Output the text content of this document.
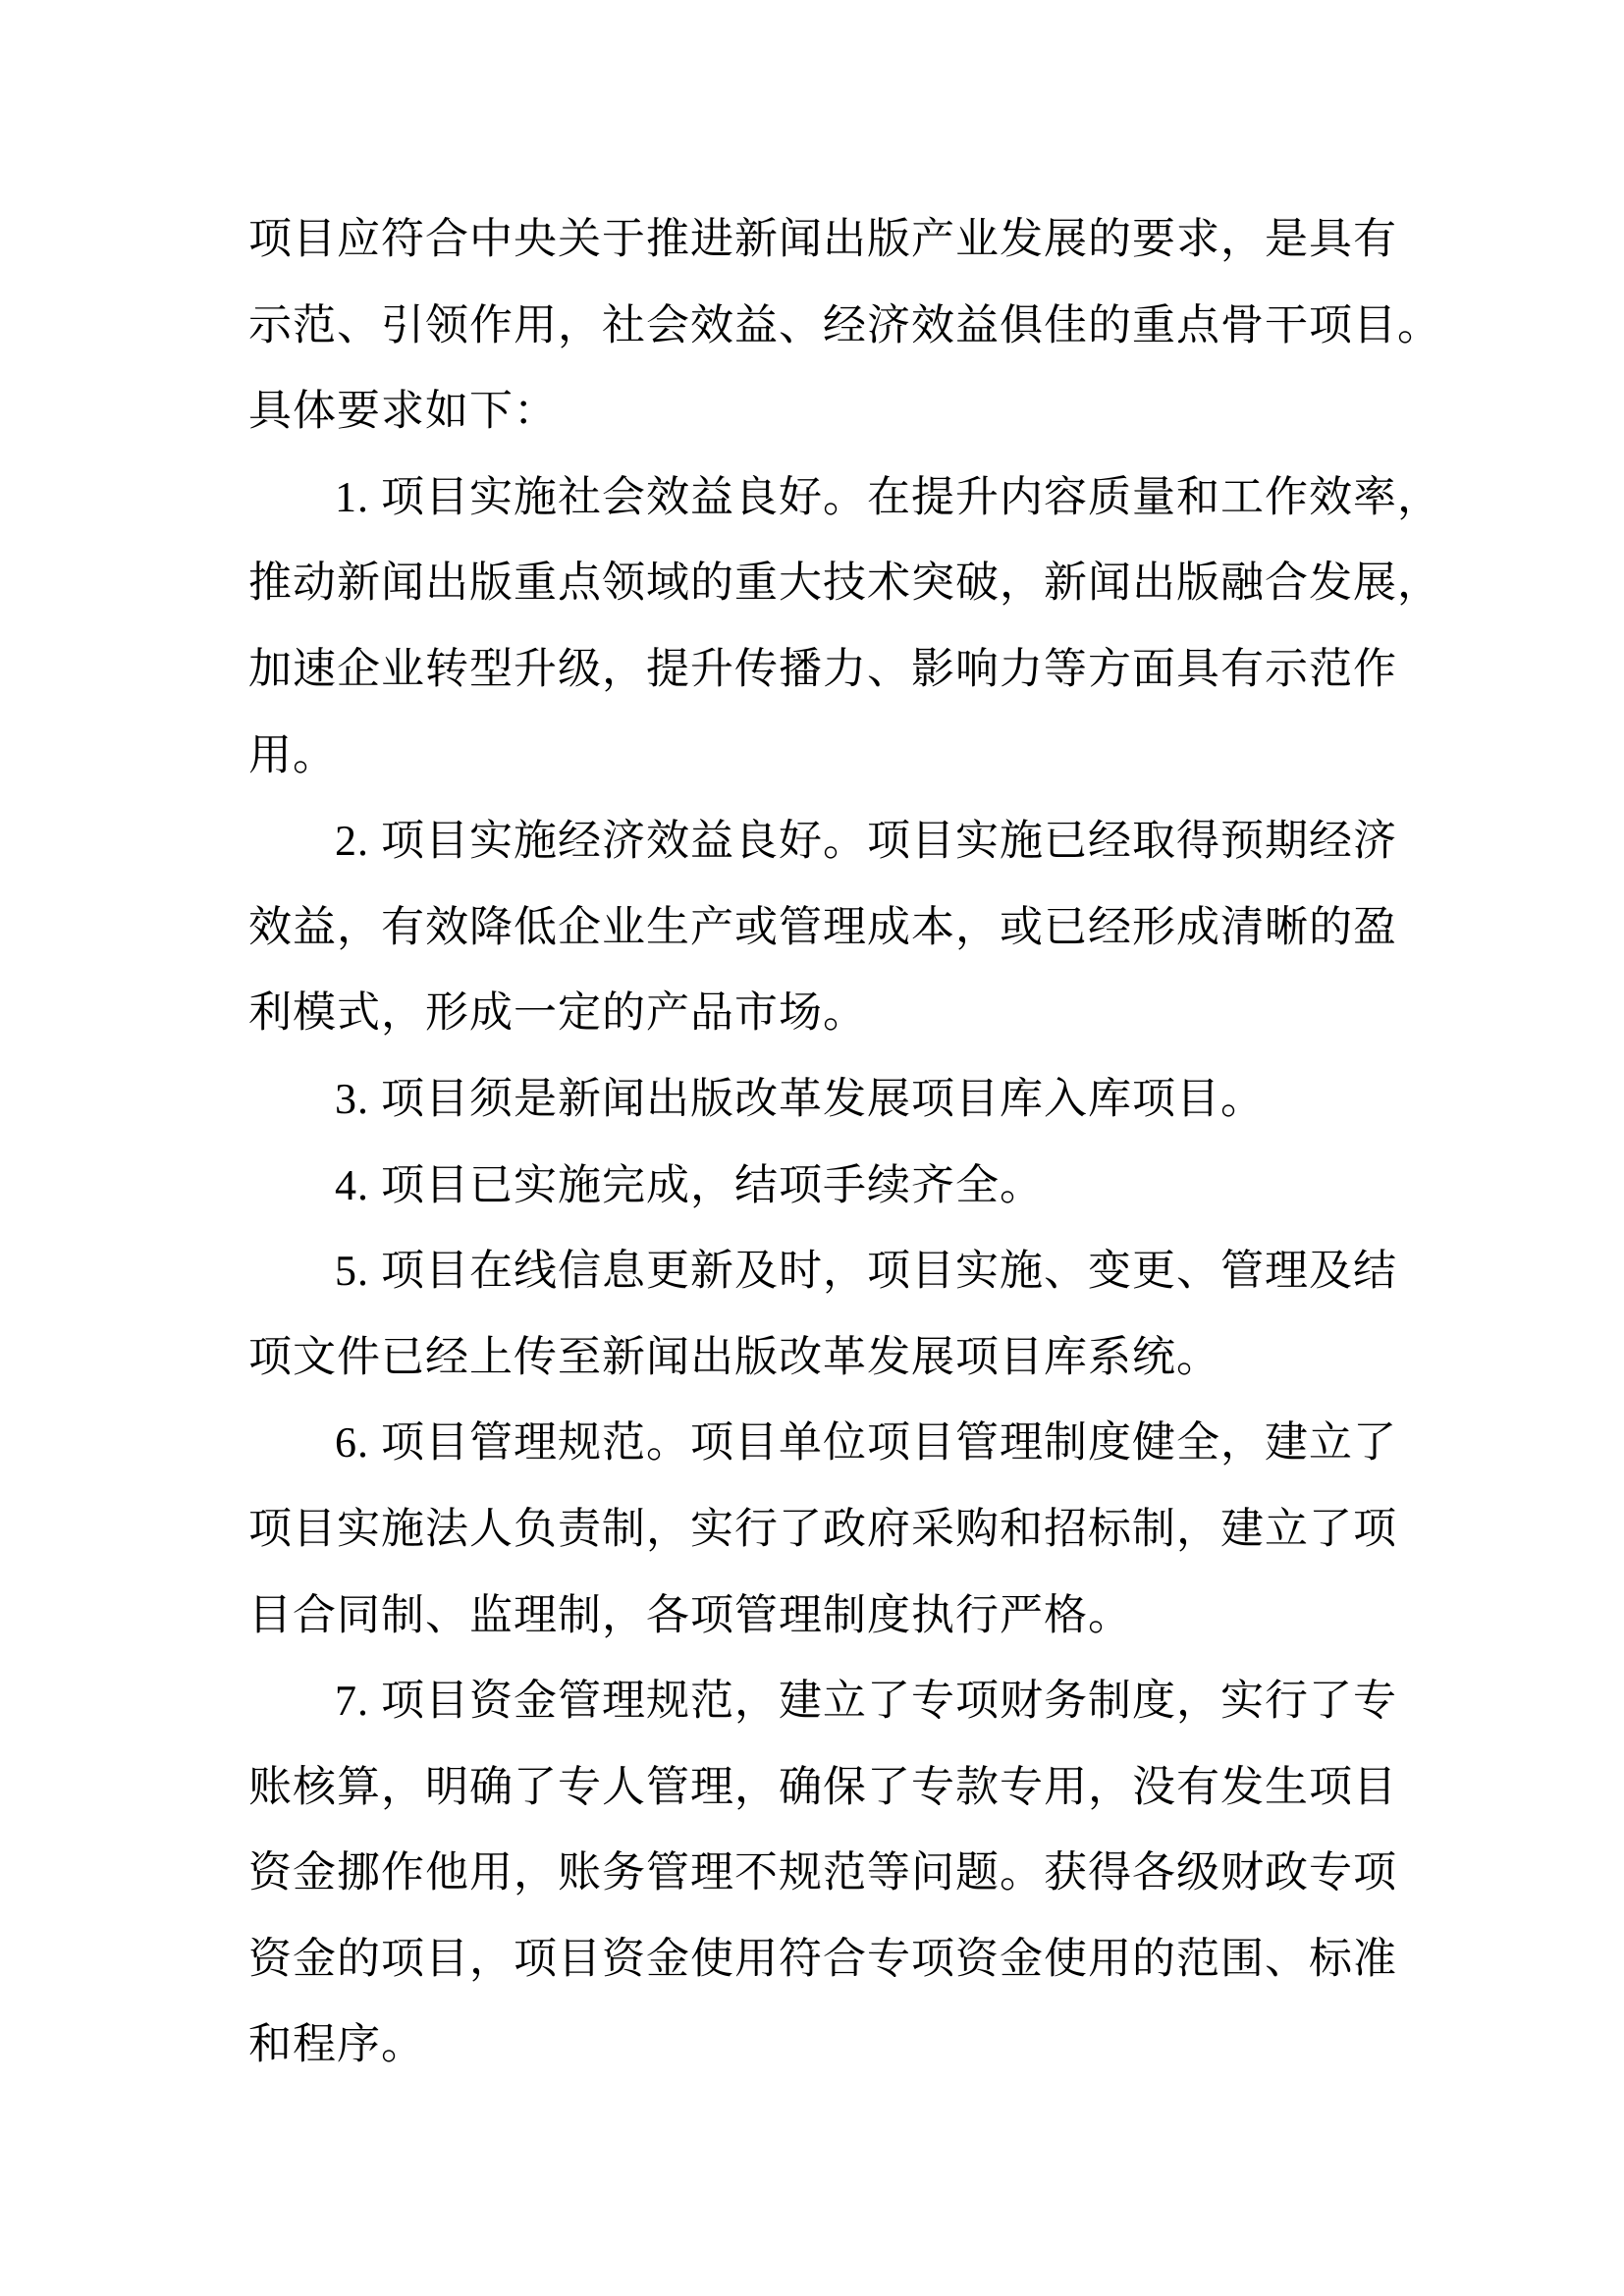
项目应符合中央关于推进新闻出版产业发展的要求，是具有
示范、引领作用，社会效益、经济效益俱佳的重点骨干项目。
具体要求如下：
1. 项目实施社会效益良好。在提升内容质量和工作效率，
推动新闻出版重点领域的重大技术突破，新闻出版融合发展，
加速企业转型升级，提升传播力、影响力等方面具有示范作
用。
2. 项目实施经济效益良好。项目实施已经取得预期经济
效益，有效降低企业生产或管理成本，或已经形成清晰的盈
利模式，形成一定的产品市场。
3. 项目须是新闻出版改革发展项目库入库项目。
4. 项目已实施完成，结项手续齐全。
5. 项目在线信息更新及时，项目实施、变更、管理及结
项文件已经上传至新闻出版改革发展项目库系统。
6. 项目管理规范。项目单位项目管理制度健全，建立了
项目实施法人负责制，实行了政府采购和招标制，建立了项
目合同制、监理制，各项管理制度执行严格。
7. 项目资金管理规范，建立了专项财务制度，实行了专
账核算，明确了专人管理，确保了专款专用，没有发生项目
资金挪作他用，账务管理不规范等问题。获得各级财政专项
资金的项目，项目资金使用符合专项资金使用的范围、标准
和程序。
